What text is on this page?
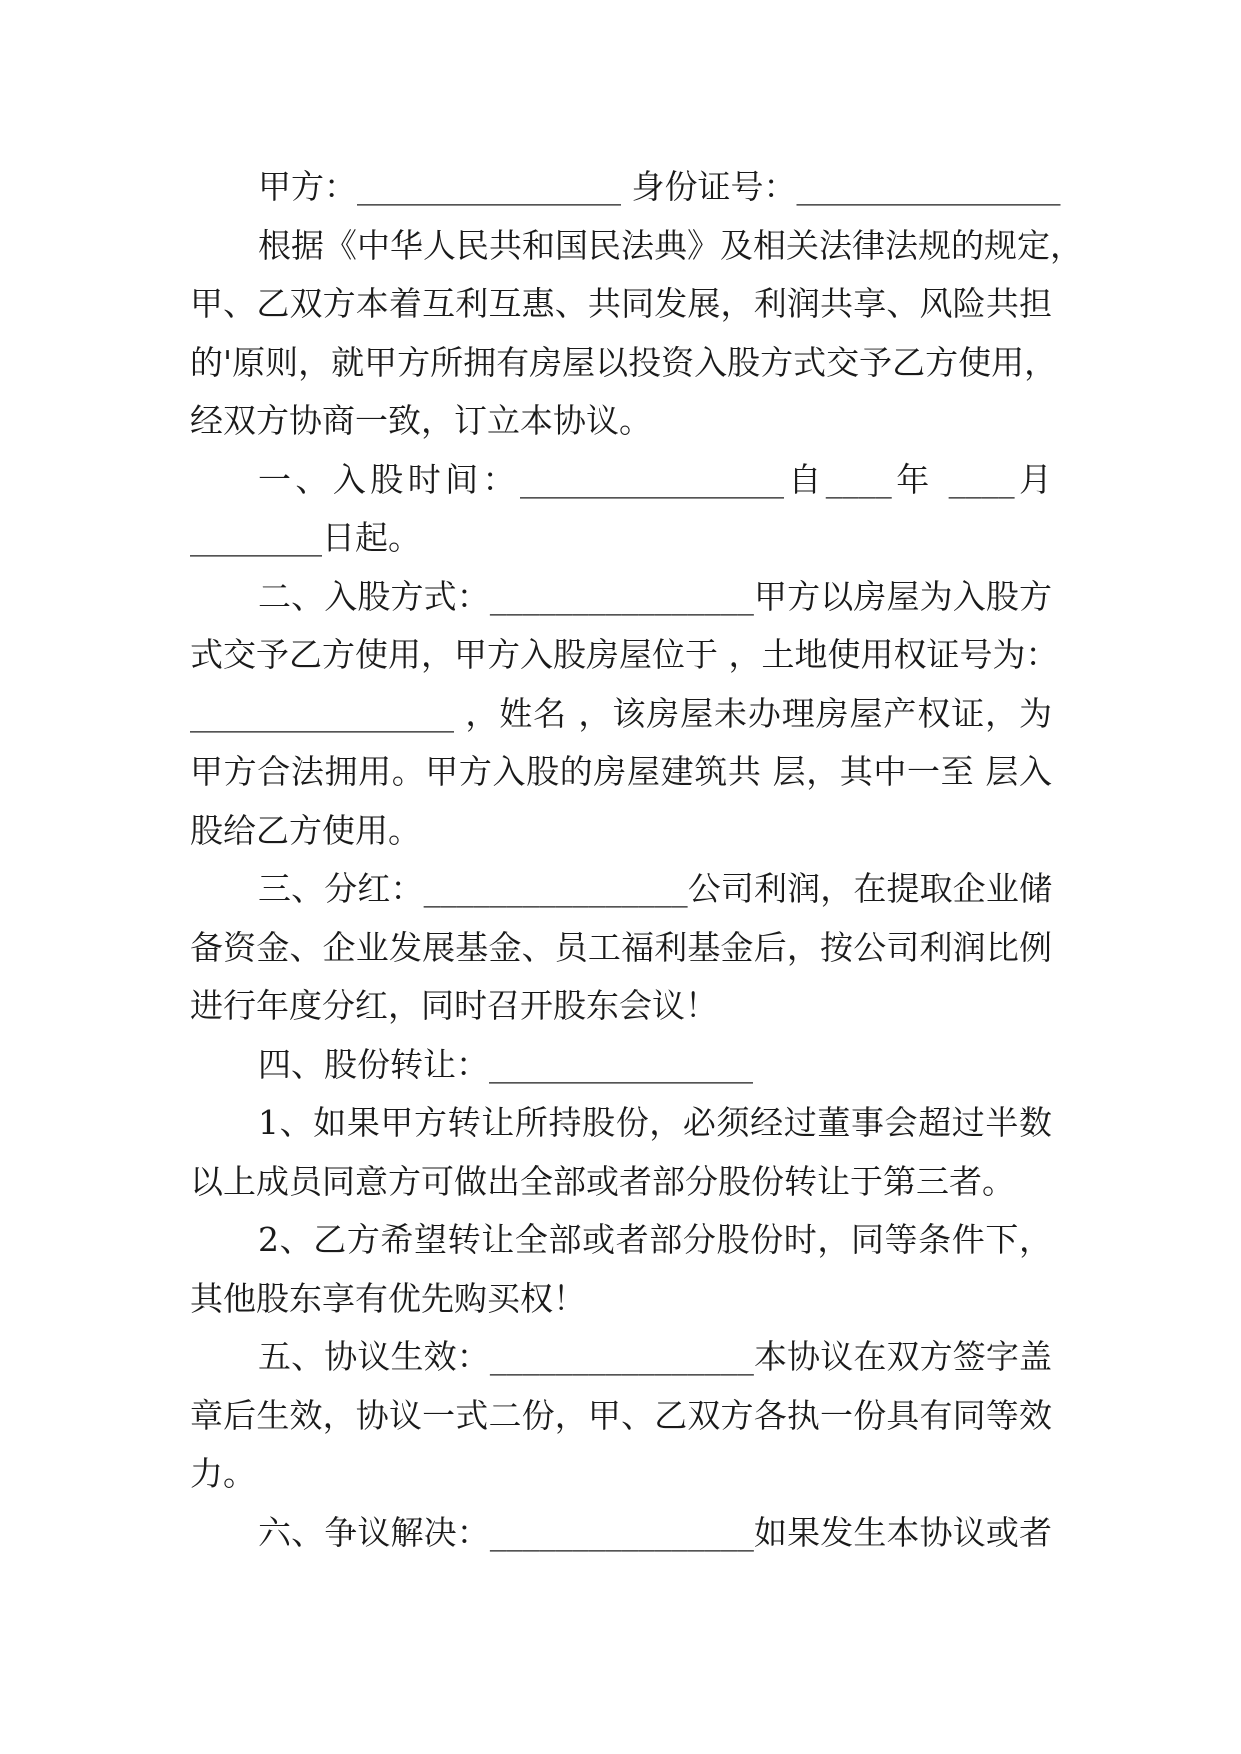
甲方：________________ 身份证号：________________
根据《中华人民共和国民法典》及相关法律法规的规定，
甲、乙双方本着互利互惠、共同发展，利润共享、风险共担
的'原则，就甲方所拥有房屋以投资入股方式交予乙方使用，
经双方协商一致，订立本协议。
一、入股时间：________________自____年 ____月
________日起。
二、入股方式：________________甲方以房屋为入股方
式交予乙方使用，甲方入股房屋位于 ，土地使用权证号为：
________________ ，姓名 ，该房屋未办理房屋产权证，为
甲方合法拥用。甲方入股的房屋建筑共 层，其中一至 层入
股给乙方使用。
三、分红：________________公司利润，在提取企业储
备资金、企业发展基金、员工福利基金后，按公司利润比例
进行年度分红，同时召开股东会议！
四、股份转让：________________
1、如果甲方转让所持股份，必须经过董事会超过半数
以上成员同意方可做出全部或者部分股份转让于第三者。
2、乙方希望转让全部或者部分股份时，同等条件下，
其他股东享有优先购买权！
五、协议生效：________________本协议在双方签字盖
章后生效，协议一式二份，甲、乙双方各执一份具有同等效
力。
六、争议解决：________________如果发生本协议或者
